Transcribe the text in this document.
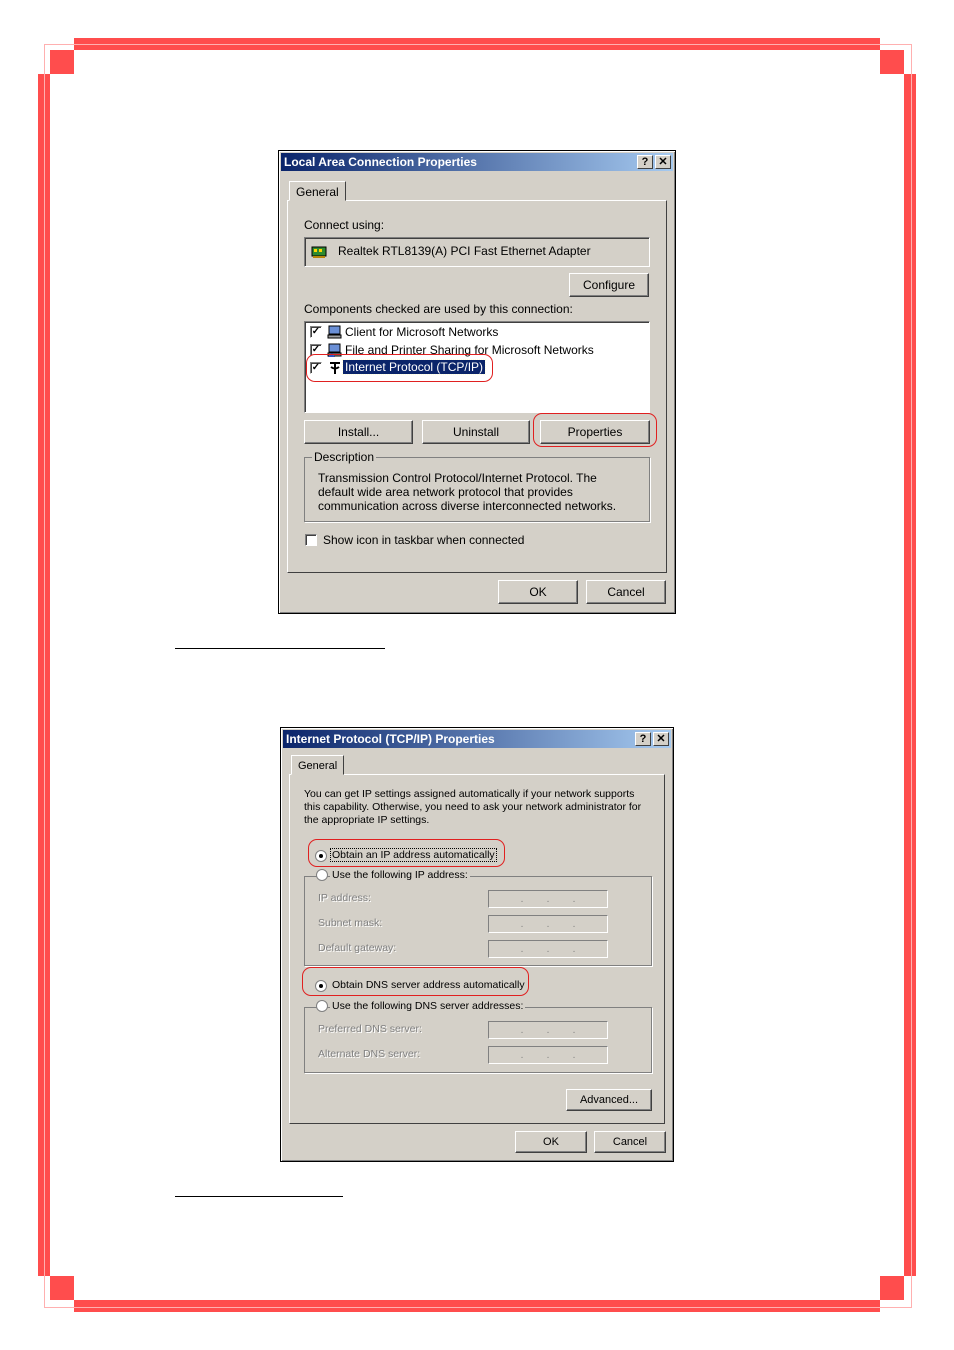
Local Area Connection Properties	? ✕
General
Connect using:
Realtek RTL8139(A) PCI Fast Ethernet Adapter
Configure
Components checked are used by this connection:
✓ Client for Microsoft Networks
✓ File and Printer Sharing for Microsoft Networks
✓ Internet Protocol (TCP/IP)
Install...	Uninstall	Properties
Description
Transmission Control Protocol/Internet Protocol. The default wide area network protocol that provides communication across diverse interconnected networks.
Show icon in taskbar when connected
OK	Cancel
Internet Protocol (TCP/IP) Properties	? ✕
General
You can get IP settings assigned automatically if your network supports this capability. Otherwise, you need to ask your network administrator for the appropriate IP settings.
Obtain an IP address automatically
Use the following IP address:
IP address:	. . .
Subnet mask:	. . .
Default gateway:	. . .
Obtain DNS server address automatically
Use the following DNS server addresses:
Preferred DNS server:	. . .
Alternate DNS server:	. . .
Advanced...
OK	Cancel
